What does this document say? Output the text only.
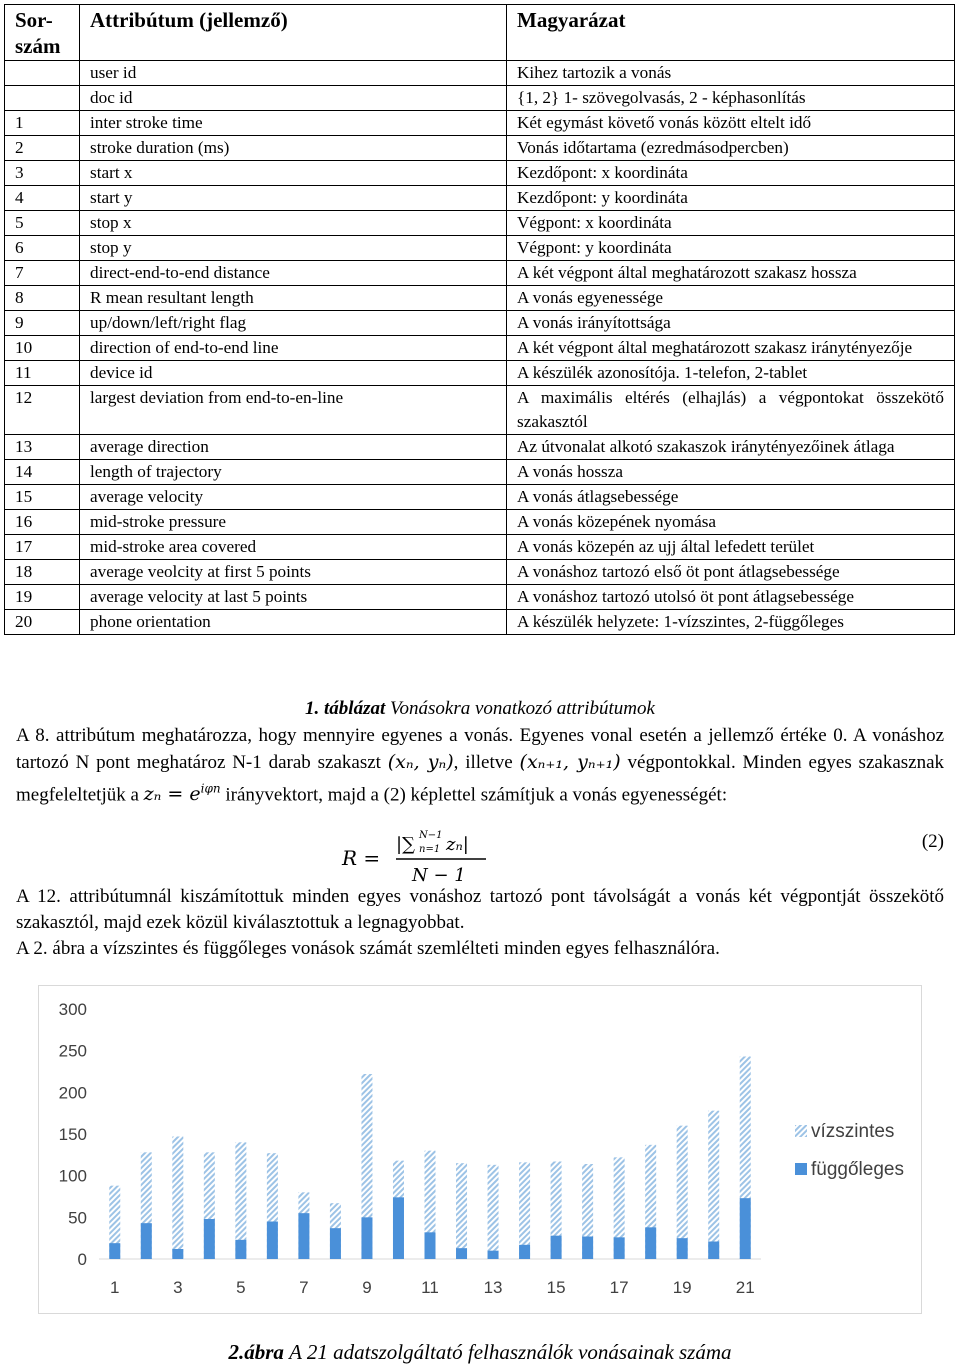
Sor-szám	Attribútum (jellemző)	Magyarázat
	user id	Kihez tartozik a vonás
	doc id	{1, 2} 1- szövegolvasás, 2 - képhasonlítás
1	inter stroke time	Két egymást követő vonás között eltelt idő
2	stroke duration (ms)	Vonás időtartama (ezredmásodpercben)
3	start x	Kezdőpont: x koordináta
4	start y	Kezdőpont: y koordináta
5	stop x	Végpont: x koordináta
6	stop y	Végpont: y koordináta
7	direct-end-to-end distance	A két végpont által meghatározott szakasz hossza
8	R mean resultant length	A vonás egyenessége
9	up/down/left/right flag	A vonás irányítottsága
10	direction of end-to-end line	A két végpont által meghatározott szakasz iránytényezője
11	device id	A készülék azonosítója. 1-telefon, 2-tablet
12	largest deviation from end-to-en-line	A maximális eltérés (elhajlás) a végpontokat összekötő szakasztól
13	average direction	Az útvonalat alkotó szakaszok iránytényezőinek átlaga
14	length of trajectory	A vonás hossza
15	average velocity	A vonás átlagsebessége
16	mid-stroke pressure	A vonás közepének nyomása
17	mid-stroke area covered	A vonás közepén az ujj által lefedett terület
18	average veolcity at first 5 points	A vonáshoz tartozó első öt pont átlagsebessége
19	average velocity at last 5 points	A vonáshoz tartozó utolsó öt pont átlagsebessége
20	phone orientation	A készülék helyzete: 1-vízszintes, 2-függőleges
1. táblázat Vonásokra vonatkozó attribútumok
A 8. attribútum meghatározza, hogy mennyire egyenes a vonás. Egyenes vonal esetén a jellemző értéke 0. A vonáshoz tartozó N pont meghatároz N-1 darab szakaszt (xₙ, yₙ), illetve (xₙ₊₁, yₙ₊₁) végpontokkal. Minden egyes szakasznak megfeleltetjük a $z_n = e^{i\varphi n}$ irányvektort, majd a (2) képlettel számítjuk a vonás egyenességét:
R =
|∑ N−1
n=1 zₙ|
N − 1
(2)
A 12. attribútumnál kiszámítottuk minden egyes vonáshoz tartozó pont távolságát a vonás két végpontját összekötő szakasztól, majd ezek közül kiválasztottuk a legnagyobbat.
A 2. ábra a vízszintes és függőleges vonások számát szemlélteti minden egyes felhasználóra.
0
50
100
150
200
250
300
1	3	5	7	9	11	13	15	17	19	21
vízszintes
függőleges
2.ábra A 21 adatszolgáltató felhasználók vonásainak száma
